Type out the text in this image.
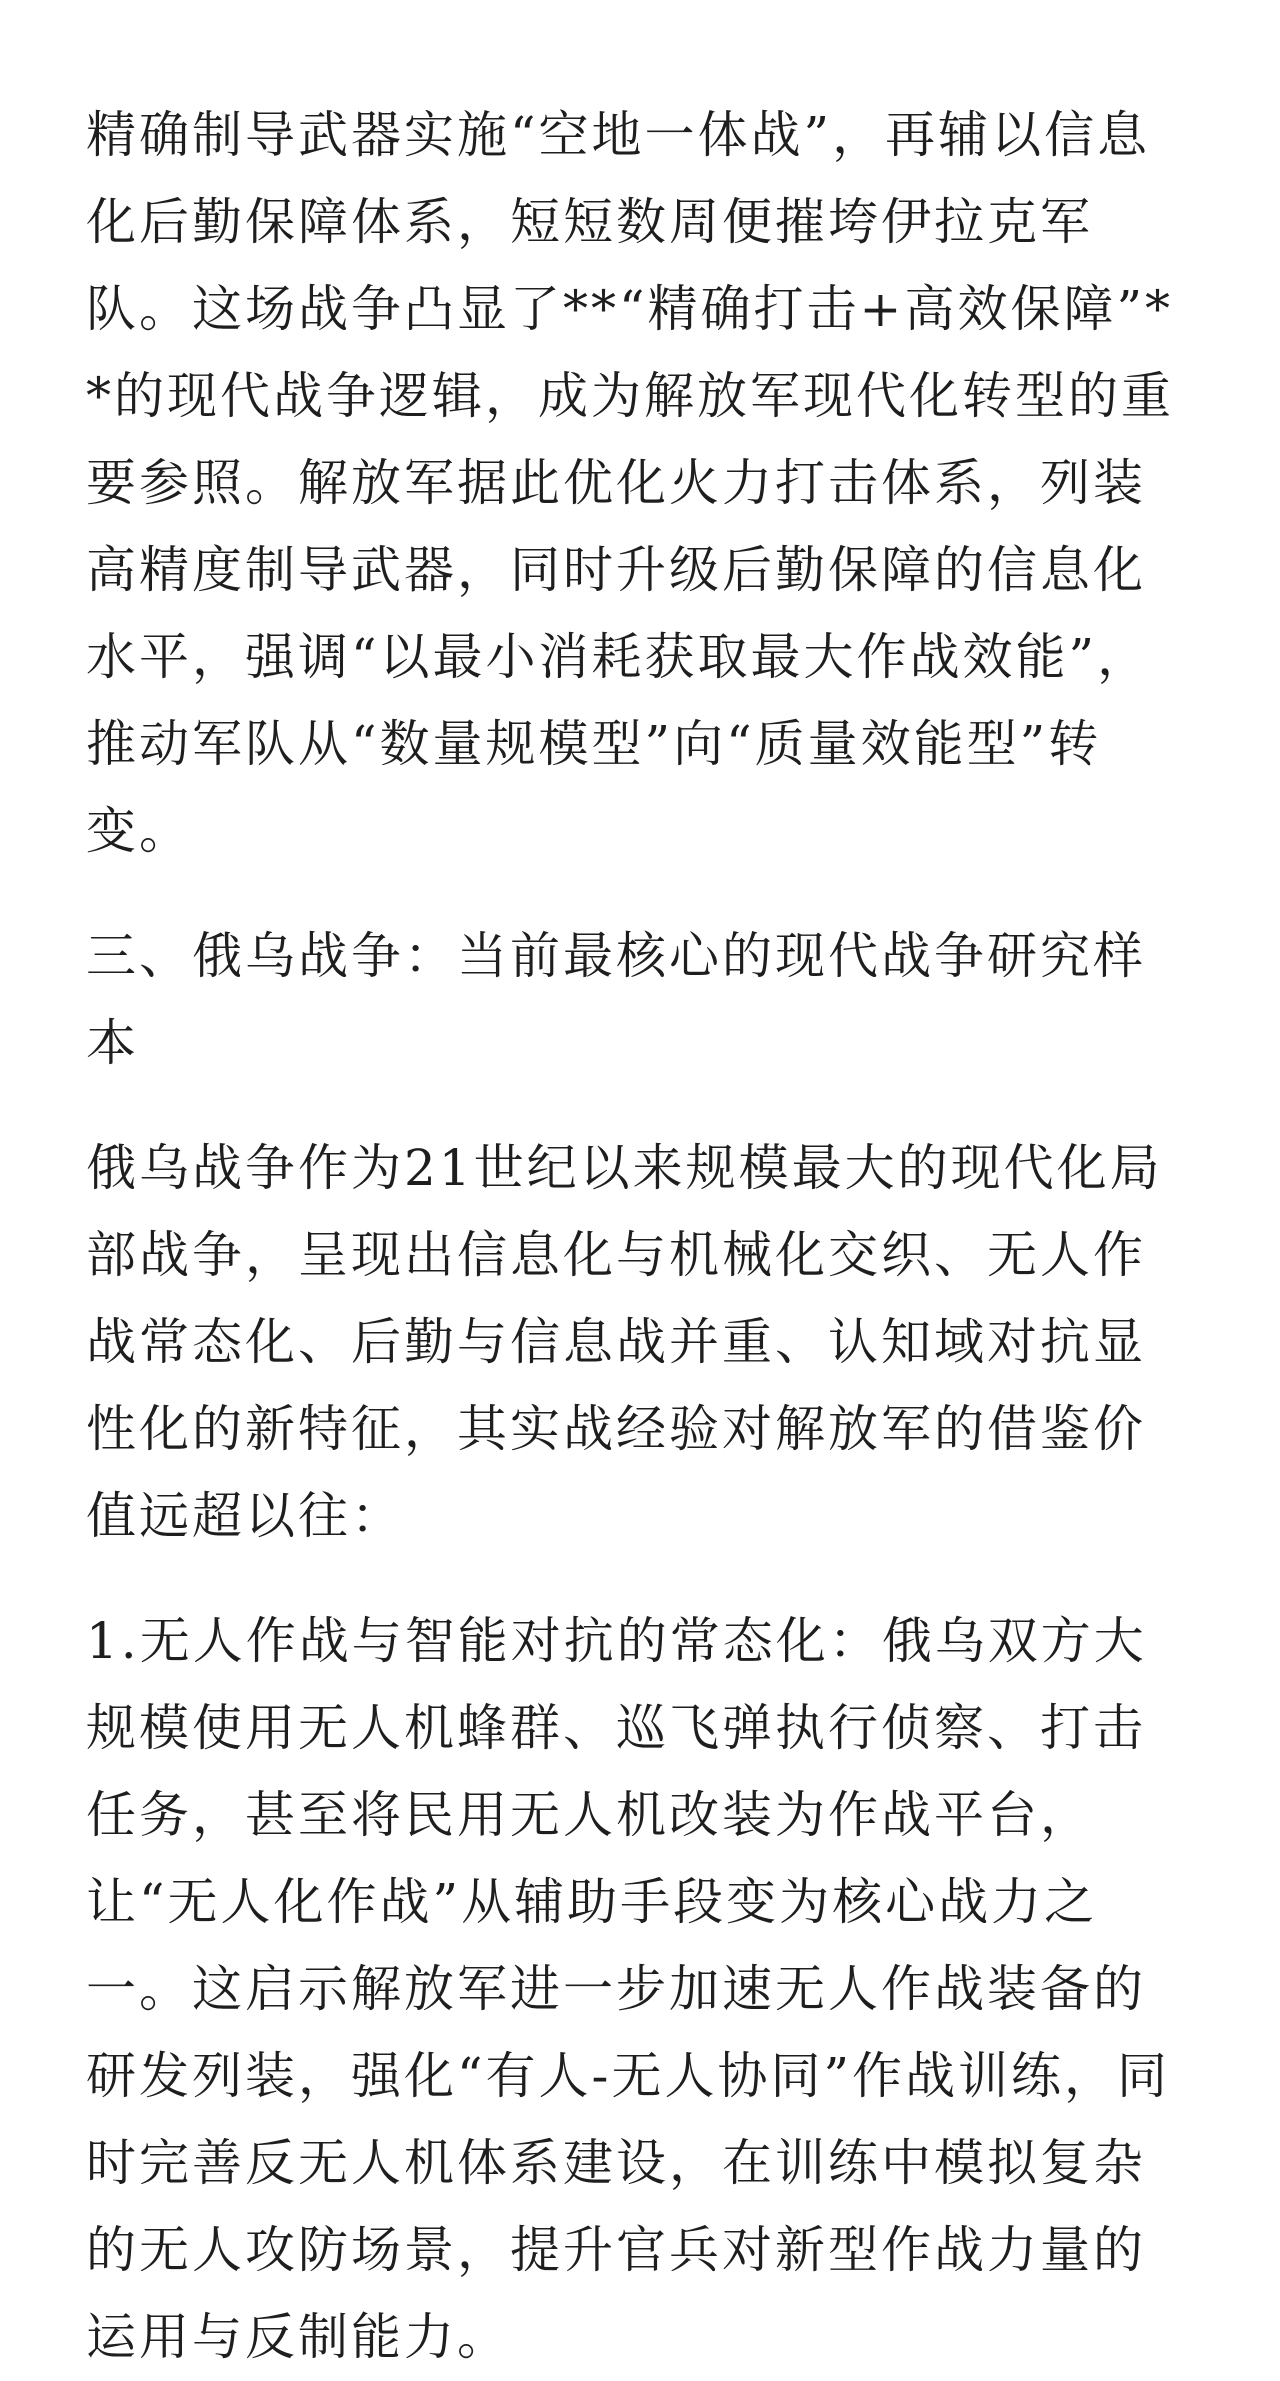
精确制导武器实施“空地一体战”，再辅以信息化后勤保障体系，短短数周便摧垮伊拉克军队。这场战争凸显了**“精确打击+高效保障”**的现代战争逻辑，成为解放军现代化转型的重要参照。解放军据此优化火力打击体系，列装高精度制导武器，同时升级后勤保障的信息化水平，强调“以最小消耗获取最大作战效能”，推动军队从“数量规模型”向“质量效能型”转变。

三、俄乌战争：当前最核心的现代战争研究样本

俄乌战争作为21世纪以来规模最大的现代化局部战争，呈现出信息化与机械化交织、无人作战常态化、后勤与信息战并重、认知域对抗显性化的新特征，其实战经验对解放军的借鉴价值远超以往：

1.无人作战与智能对抗的常态化：俄乌双方大规模使用无人机蜂群、巡飞弹执行侦察、打击任务，甚至将民用无人机改装为作战平台，让“无人化作战”从辅助手段变为核心战力之一。这启示解放军进一步加速无人作战装备的研发列装，强化“有人-无人协同”作战训练，同时完善反无人机体系建设，在训练中模拟复杂的无人攻防场景，提升官兵对新型作战力量的运用与反制能力。
